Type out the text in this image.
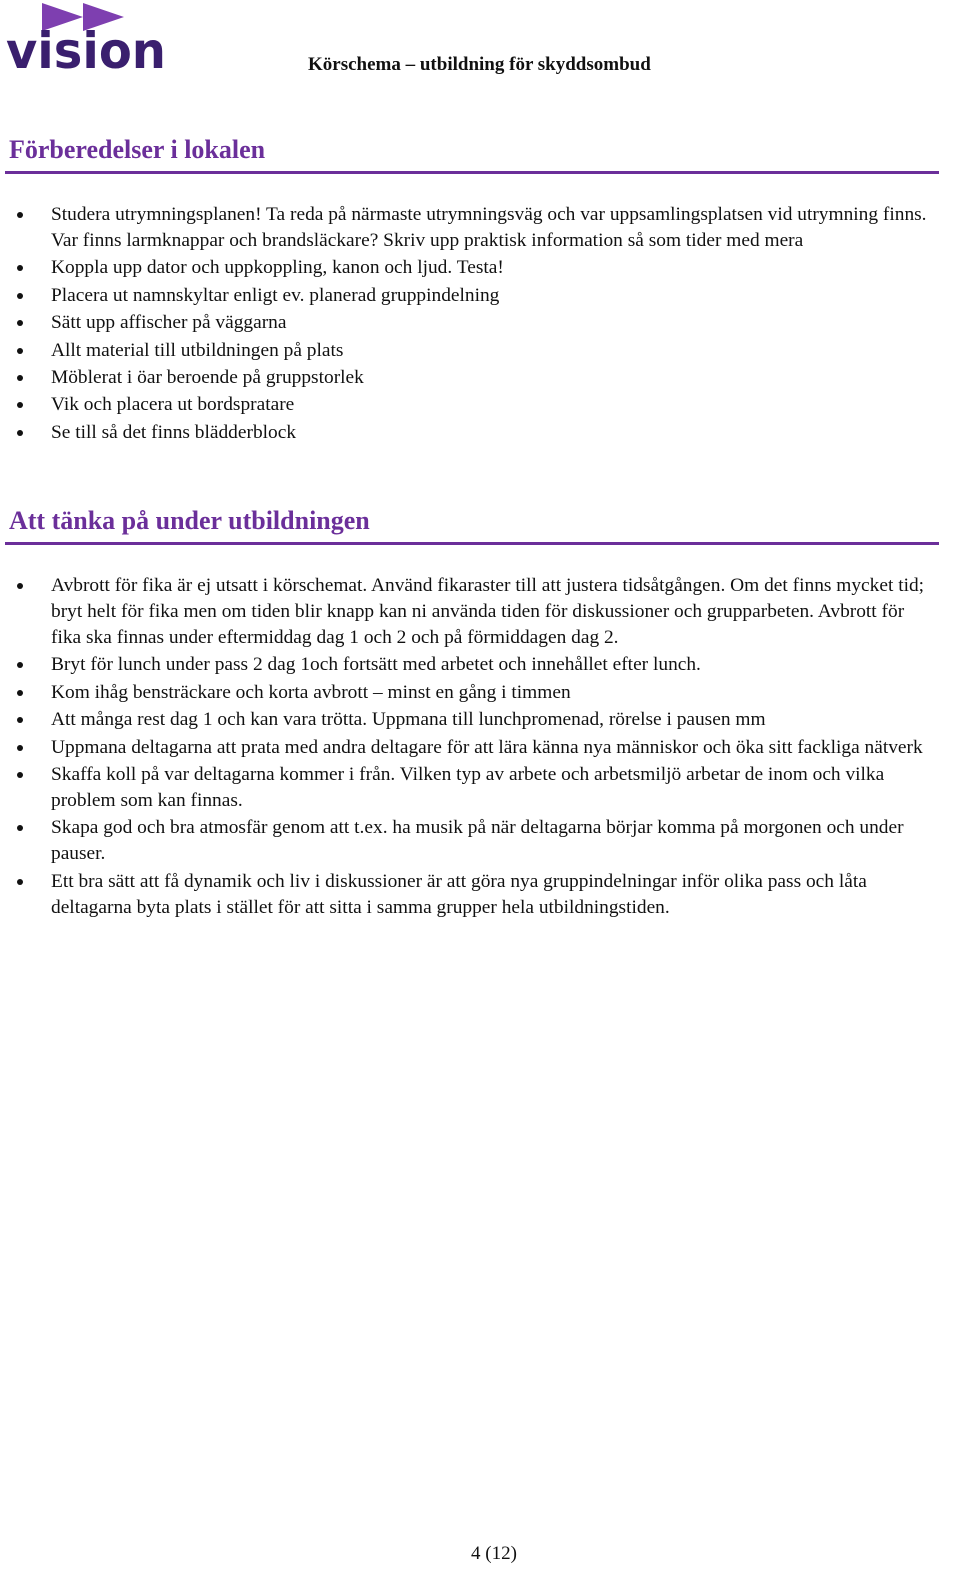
vision	Körschema – utbildning för skyddsombud
Förberedelser i lokalen
Studera utrymningsplanen! Ta reda på närmaste utrymningsväg och var uppsamlingsplatsen vid utrymning finns. Var finns larmknappar och brandsläckare? Skriv upp praktisk information så som tider med mera
Koppla upp dator och uppkoppling, kanon och ljud. Testa!
Placera ut namnskyltar enligt ev. planerad gruppindelning
Sätt upp affischer på väggarna
Allt material till utbildningen på plats
Möblerat i öar beroende på gruppstorlek
Vik och placera ut bordspratare
Se till så det finns blädderblock
Att tänka på under utbildningen
Avbrott för fika är ej utsatt i körschemat. Använd fikaraster till att justera tidsåtgången. Om det finns mycket tid; bryt helt för fika men om tiden blir knapp kan ni använda tiden för diskussioner och grupparbeten. Avbrott för fika ska finnas under eftermiddag dag 1 och 2 och på förmiddagen dag 2.
Bryt för lunch under pass 2 dag 1och fortsätt med arbetet och innehållet efter lunch.
Kom ihåg bensträckare och korta avbrott – minst en gång i timmen
Att många rest dag 1 och kan vara trötta. Uppmana till lunchpromenad, rörelse i pausen mm
Uppmana deltagarna att prata med andra deltagare för att lära känna nya människor och öka sitt fackliga nätverk
Skaffa koll på var deltagarna kommer i från. Vilken typ av arbete och arbetsmiljö arbetar de inom och vilka problem som kan finnas.
Skapa god och bra atmosfär genom att t.ex. ha musik på när deltagarna börjar komma på morgonen och under pauser.
Ett bra sätt att få dynamik och liv i diskussioner är att göra nya gruppindelningar inför olika pass och låta deltagarna byta plats i stället för att sitta i samma grupper hela utbildningstiden.
4 (12)
